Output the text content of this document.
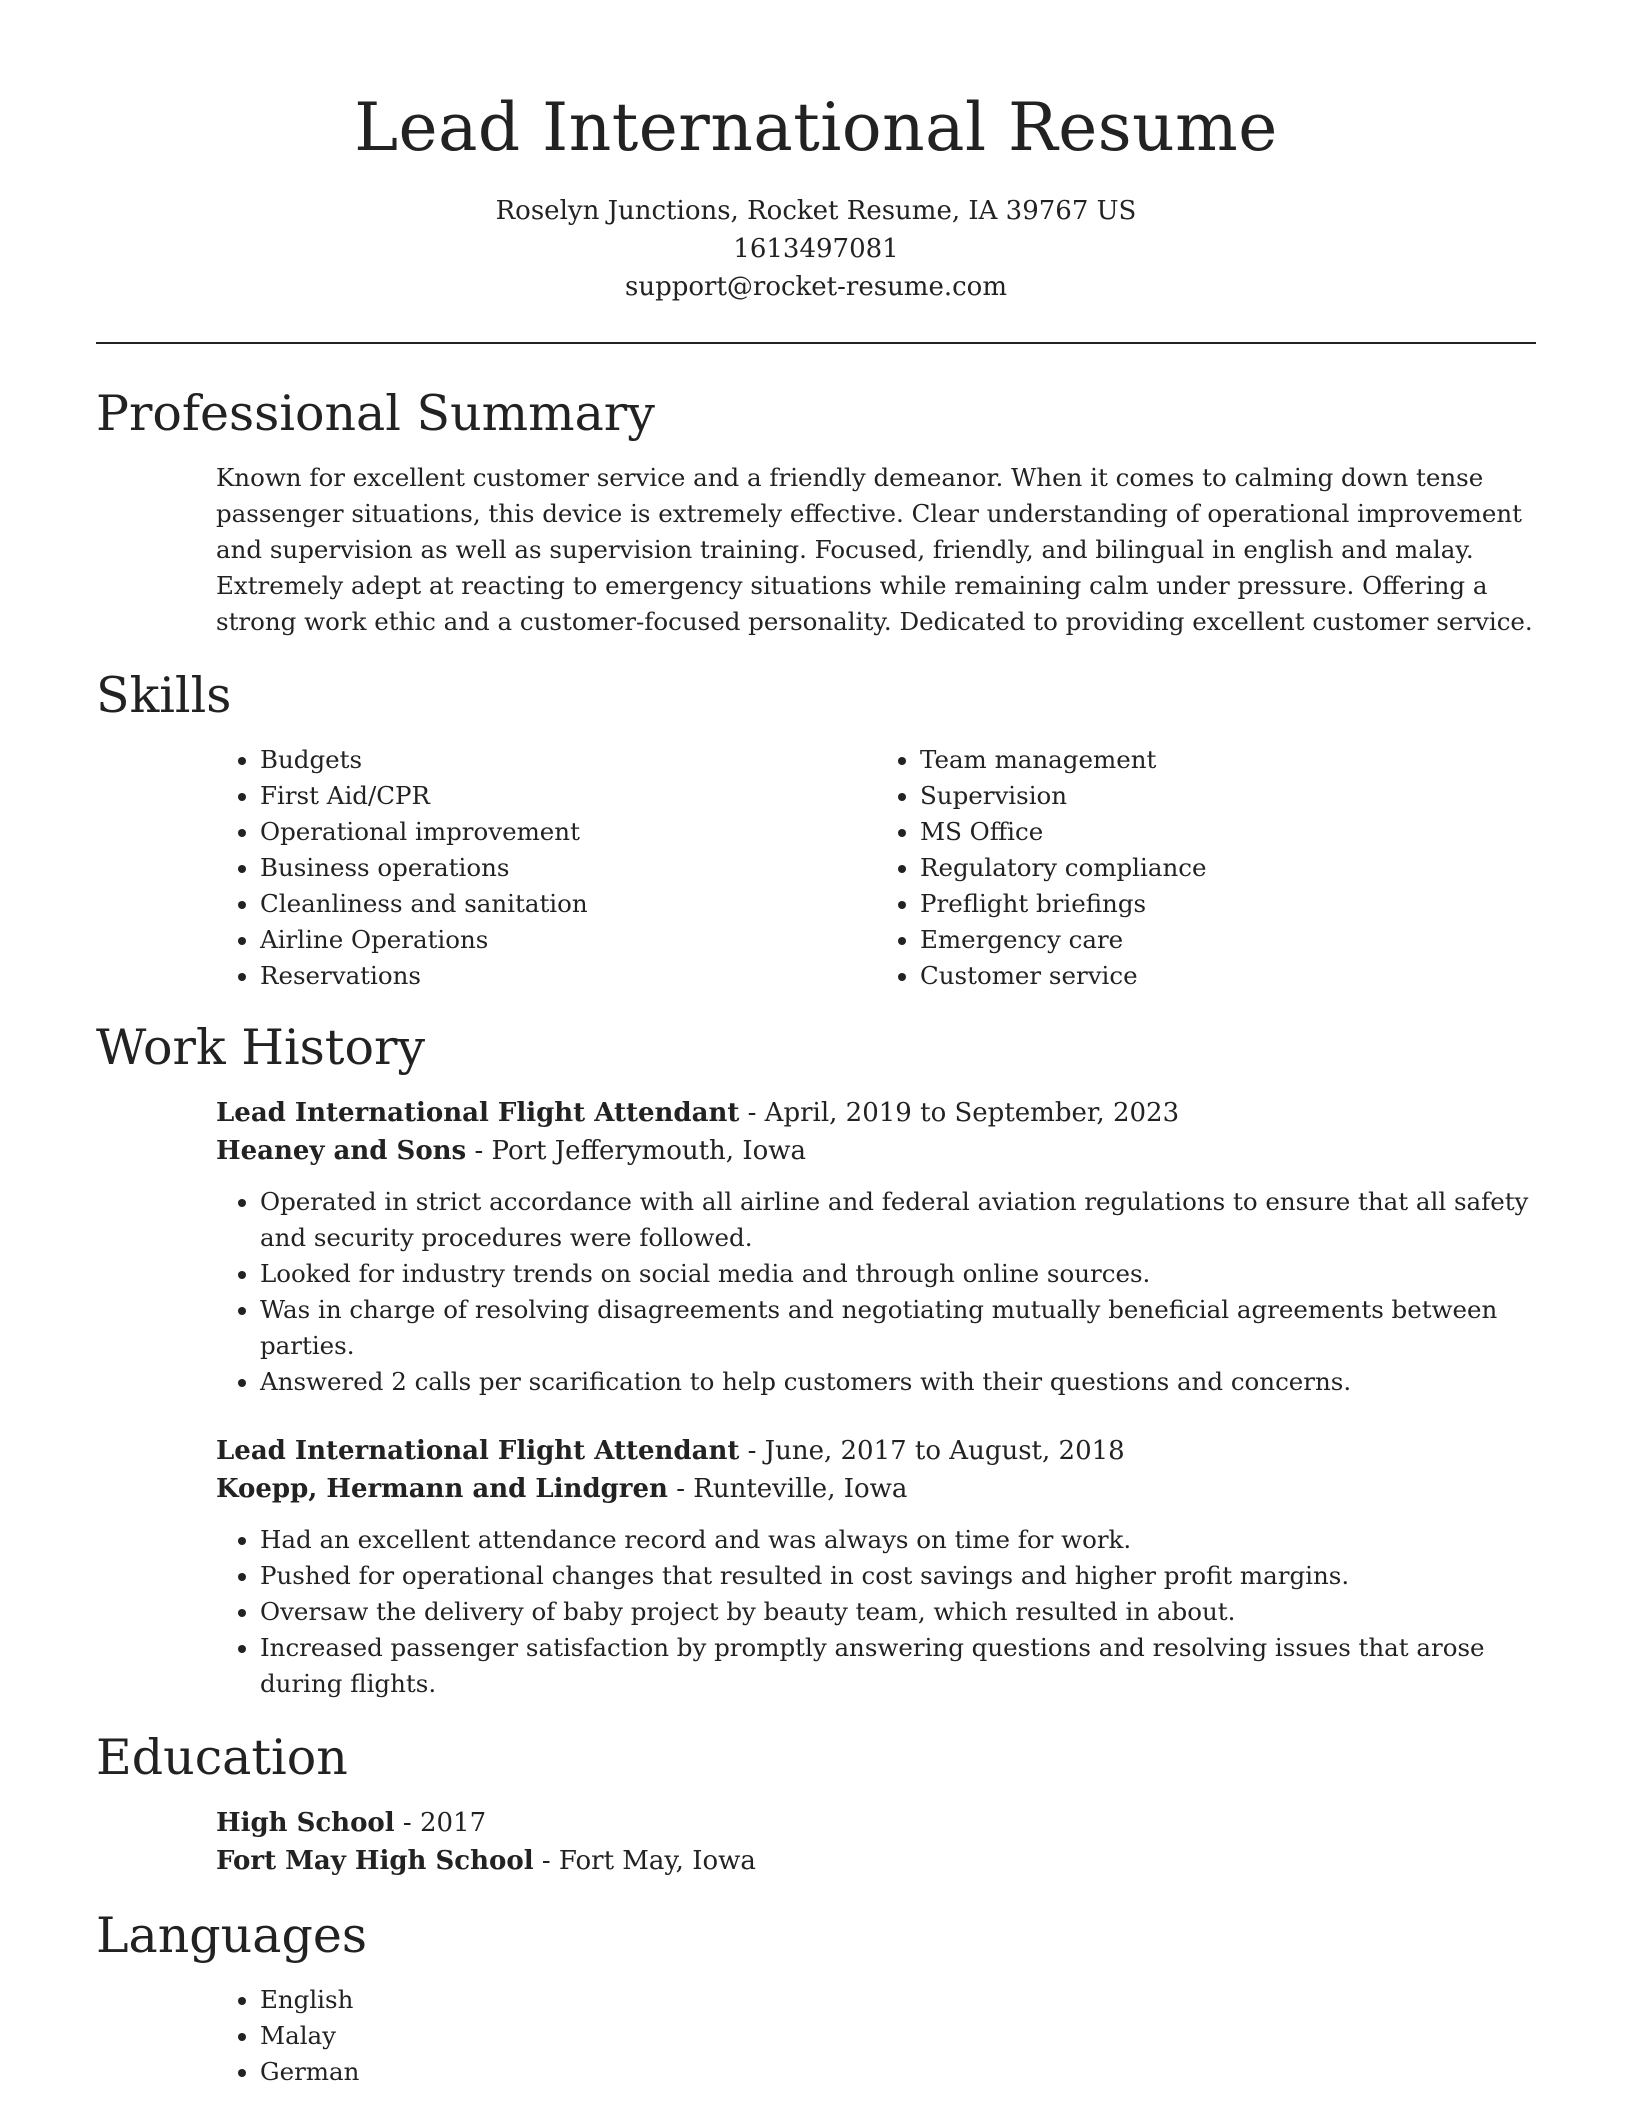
Lead International Resume
Roselyn Junctions, Rocket Resume, IA 39767 US
1613497081
support@rocket-resume.com
Professional Summary

Known for excellent customer service and a friendly demeanor. When it comes to calming down tense passenger situations, this device is extremely effective. Clear understanding of operational improvement and supervision as well as supervision training. Focused, friendly, and bilingual in english and malay. Extremely adept at reacting to emergency situations while remaining calm under pressure. Offering a strong work ethic and a customer-focused personality. Dedicated to providing excellent customer service.

Skills
• Budgets
• First Aid/CPR
• Operational improvement
• Business operations
• Cleanliness and sanitation
• Airline Operations
• Reservations
• Team management
• Supervision
• MS Office
• Regulatory compliance
• Preflight briefings
• Emergency care
• Customer service
Work History
Lead International Flight Attendant - April, 2019 to September, 2023
Heaney and Sons - Port Jefferymouth, Iowa
• Operated in strict accordance with all airline and federal aviation regulations to ensure that all safety and security procedures were followed.
• Looked for industry trends on social media and through online sources.
• Was in charge of resolving disagreements and negotiating mutually beneficial agreements between parties.
• Answered 2 calls per scarification to help customers with their questions and concerns.
Lead International Flight Attendant - June, 2017 to August, 2018
Koepp, Hermann and Lindgren - Runteville, Iowa
• Had an excellent attendance record and was always on time for work.
• Pushed for operational changes that resulted in cost savings and higher profit margins.
• Oversaw the delivery of baby project by beauty team, which resulted in about.
• Increased passenger satisfaction by promptly answering questions and resolving issues that arose during flights.
Education
High School - 2017
Fort May High School - Fort May, Iowa
Languages
• English
• Malay
• German
